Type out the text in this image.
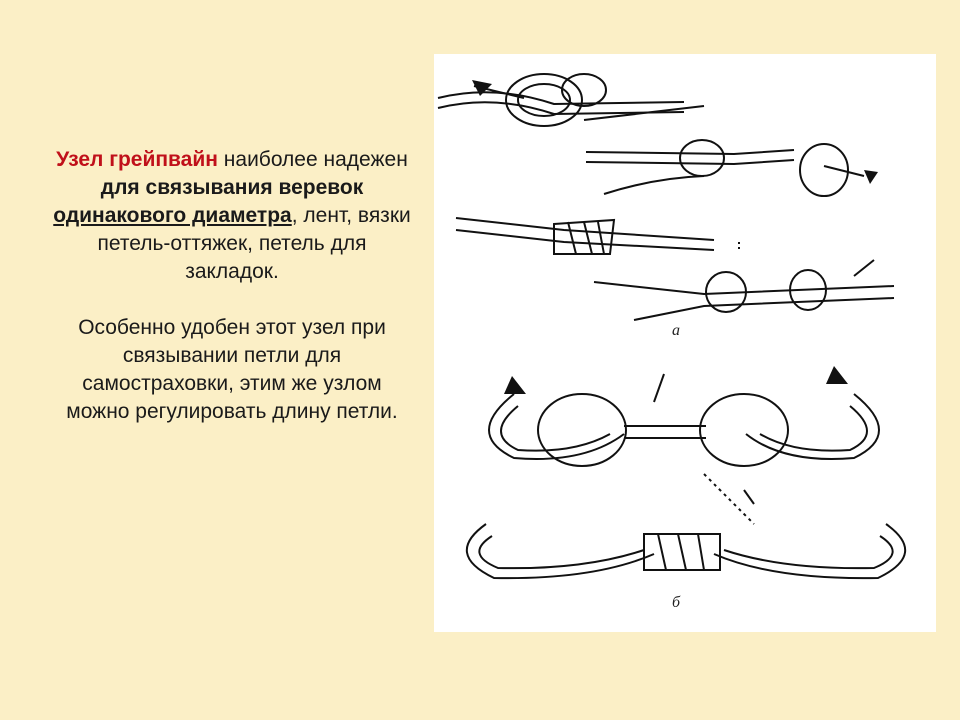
Узел грейпвайн наиболее надежен для связывания веревок одинакового диаметра, лент, вязки петель-оттяжек, петель для закладок.

Особенно удобен этот узел при связывании петли для самостраховки, этим же узлом можно регулировать длину петли.

а
б
